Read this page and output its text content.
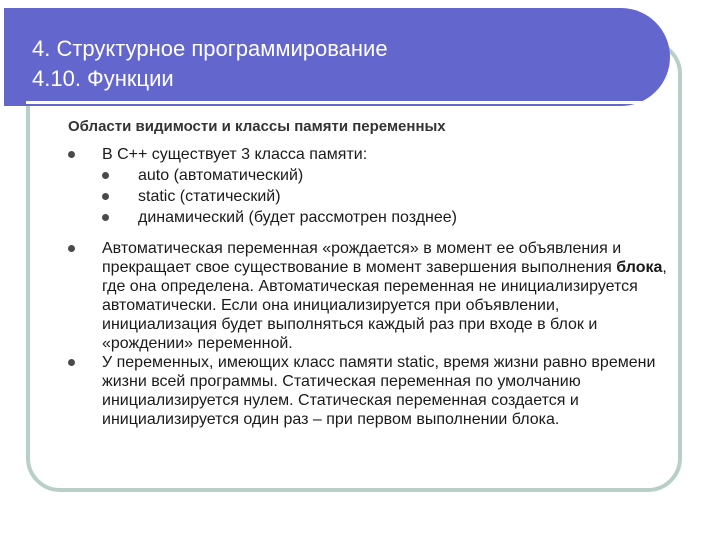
4. Структурное программирование
4.10. Функции
Области видимости и классы памяти переменных
В С++ существует 3 класса памяти:
auto (автоматический)
static (статический)
динамический (будет рассмотрен позднее)
Автоматическая переменная «рождается» в момент ее объявления и прекращает свое существование в момент завершения выполнения блока, где она определена. Автоматическая переменная не инициализируется автоматически. Если она инициализируется при объявлении, инициализация будет выполняться каждый раз при входе в блок и «рождении» переменной.
У переменных, имеющих класс памяти static, время жизни равно времени жизни всей программы. Статическая переменная по умолчанию инициализируется нулем. Статическая переменная создается и инициализируется один раз – при первом выполнении блока.
